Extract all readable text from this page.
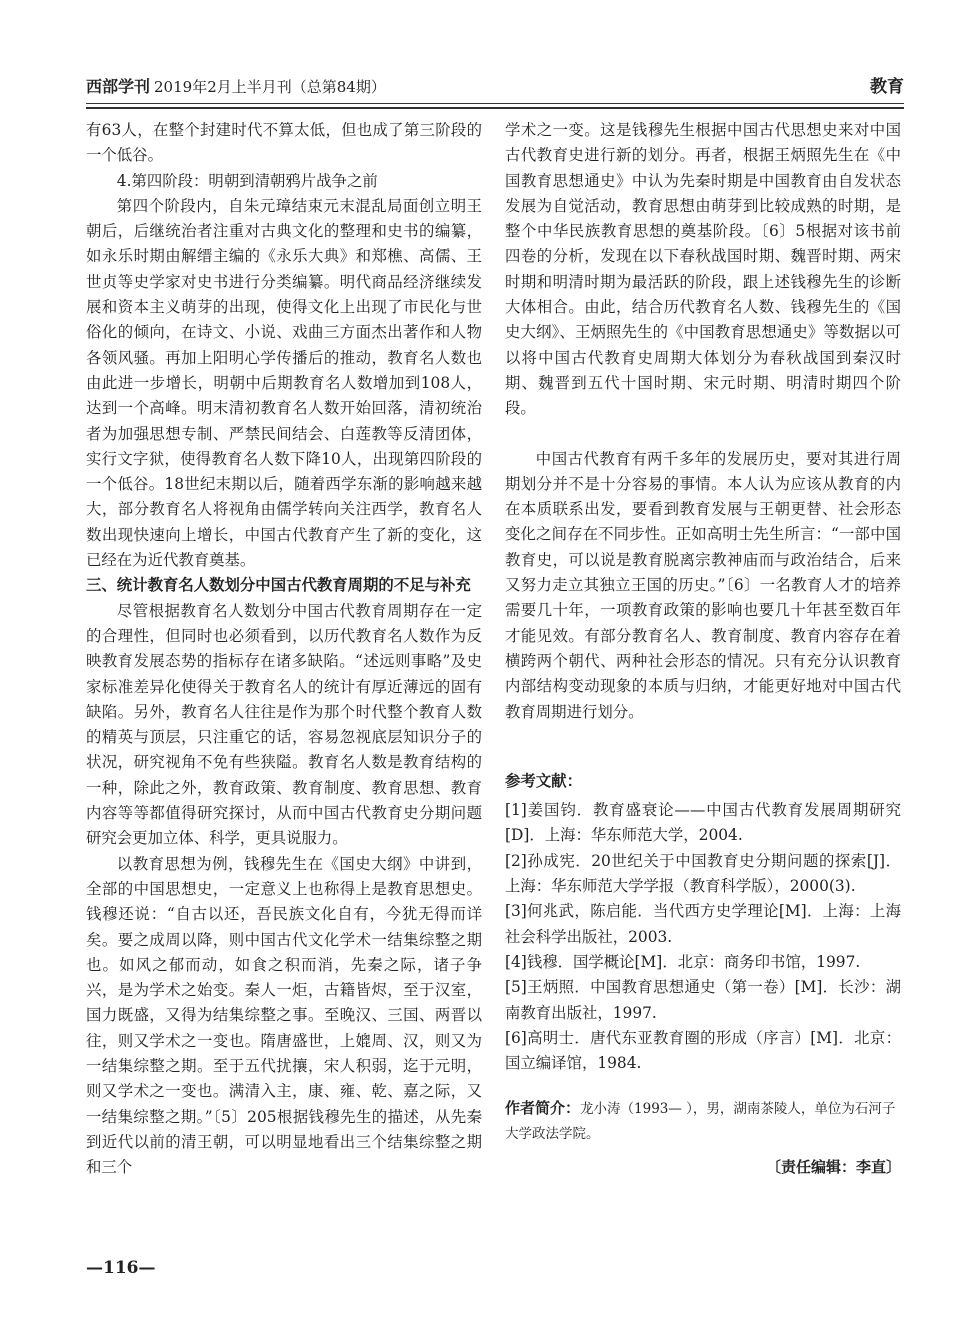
西部学刊 2019年2月上半月刊（总第84期）	教育

有63人，在整个封建时代不算太低，但也成了第三阶段的一个低谷。

4.第四阶段：明朝到清朝鸦片战争之前

第四个阶段内，自朱元璋结束元末混乱局面创立明王朝后，后继统治者注重对古典文化的整理和史书的编纂，如永乐时期由解缙主编的《永乐大典》和郑樵、高儒、王世贞等史学家对史书进行分类编纂。明代商品经济继续发展和资本主义萌芽的出现，使得文化上出现了市民化与世俗化的倾向，在诗文、小说、戏曲三方面杰出著作和人物各领风骚。再加上阳明心学传播后的推动，教育名人数也由此进一步增长，明朝中后期教育名人数增加到108人，达到一个高峰。明末清初教育名人数开始回落，清初统治者为加强思想专制、严禁民间结会、白莲教等反清团体，实行文字狱，使得教育名人数下降10人，出现第四阶段的一个低谷。18世纪末期以后，随着西学东渐的影响越来越大，部分教育名人将视角由儒学转向关注西学，教育名人数出现快速向上增长，中国古代教育产生了新的变化，这已经在为近代教育奠基。

三、统计教育名人数划分中国古代教育周期的不足与补充

尽管根据教育名人数划分中国古代教育周期存在一定的合理性，但同时也必须看到，以历代教育名人数作为反映教育发展态势的指标存在诸多缺陷。“述远则事略”及史家标准差异化使得关于教育名人的统计有厚近薄远的固有缺陷。另外，教育名人往往是作为那个时代整个教育人数的精英与顶层，只注重它的话，容易忽视底层知识分子的状况，研究视角不免有些狭隘。教育名人数是教育结构的一种，除此之外，教育政策、教育制度、教育思想、教育内容等等都值得研究探讨，从而中国古代教育史分期问题研究会更加立体、科学，更具说服力。

以教育思想为例，钱穆先生在《国史大纲》中讲到，全部的中国思想史，一定意义上也称得上是教育思想史。钱穆还说：“自古以还，吾民族文化自有，今犹无得而详矣。要之成周以降，则中国古代文化学术一结集综整之期也。如风之郁而动，如食之积而消，先秦之际，诸子争兴，是为学术之始变。秦人一炬，古籍皆烬，至于汉室，国力既盛，又得为结集综整之事。至晚汉、三国、两晋以往，则又学术之一变也。隋唐盛世，上媲周、汉，则又为一结集综整之期。至于五代扰攘，宋人积弱，迄于元明，则又学术之一变也。满清入主，康、雍、乾、嘉之际，又一结集综整之期。”〔5〕205根据钱穆先生的描述，从先秦到近代以前的清王朝，可以明显地看出三个结集综整之期和三个

学术之一变。这是钱穆先生根据中国古代思想史来对中国古代教育史进行新的划分。再者，根据王炳照先生在《中国教育思想通史》中认为先秦时期是中国教育由自发状态发展为自觉活动，教育思想由萌芽到比较成熟的时期，是整个中华民族教育思想的奠基阶段。〔6〕5根据对该书前四卷的分析，发现在以下春秋战国时期、魏晋时期、两宋时期和明清时期为最活跃的阶段，跟上述钱穆先生的诊断大体相合。由此，结合历代教育名人数、钱穆先生的《国史大纲》、王炳照先生的《中国教育思想通史》等数据以可以将中国古代教育史周期大体划分为春秋战国到秦汉时期、魏晋到五代十国时期、宋元时期、明清时期四个阶段。

中国古代教育有两千多年的发展历史，要对其进行周期划分并不是十分容易的事情。本人认为应该从教育的内在本质联系出发，要看到教育发展与王朝更替、社会形态变化之间存在不同步性。正如高明士先生所言：“一部中国教育史，可以说是教育脱离宗教神庙而与政治结合，后来又努力走立其独立王国的历史。”〔6〕一名教育人才的培养需要几十年，一项教育政策的影响也要几十年甚至数百年才能见效。有部分教育名人、教育制度、教育内容存在着横跨两个朝代、两种社会形态的情况。只有充分认识教育内部结构变动现象的本质与归纳，才能更好地对中国古代教育周期进行划分。

参考文献：

[1]姜国钧．教育盛衰论——中国古代教育发展周期研究[D]．上海：华东师范大学，2004.

[2]孙成宪．20世纪关于中国教育史分期问题的探索[J]．上海：华东师范大学学报（教育科学版），2000(3).

[3]何兆武，陈启能．当代西方史学理论[M]．上海：上海社会科学出版社，2003.

[4]钱穆．国学概论[M]．北京：商务印书馆，1997.

[5]王炳照．中国教育思想通史（第一卷）[M]．长沙：湖南教育出版社，1997.

[6]高明士．唐代东亚教育圈的形成（序言）[M]．北京：国立编译馆，1984.

作者简介：龙小涛（1993— ），男，湖南茶陵人，单位为石河子大学政法学院。
〔责任编辑：李直〕
—116—
